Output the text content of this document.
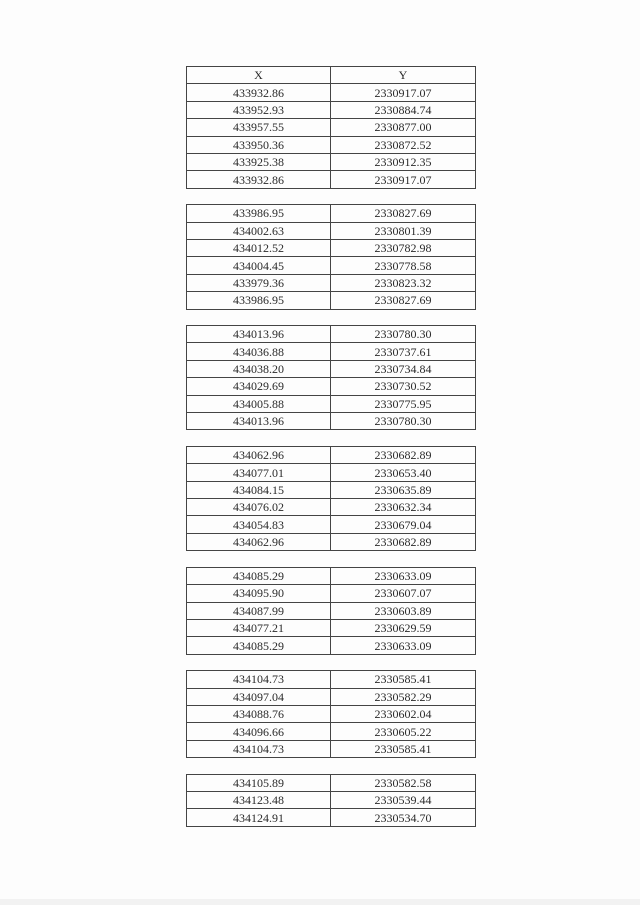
X	Y
433932.86	2330917.07
433952.93	2330884.74
433957.55	2330877.00
433950.36	2330872.52
433925.38	2330912.35
433932.86	2330917.07
433986.95	2330827.69
434002.63	2330801.39
434012.52	2330782.98
434004.45	2330778.58
433979.36	2330823.32
433986.95	2330827.69
434013.96	2330780.30
434036.88	2330737.61
434038.20	2330734.84
434029.69	2330730.52
434005.88	2330775.95
434013.96	2330780.30
434062.96	2330682.89
434077.01	2330653.40
434084.15	2330635.89
434076.02	2330632.34
434054.83	2330679.04
434062.96	2330682.89
434085.29	2330633.09
434095.90	2330607.07
434087.99	2330603.89
434077.21	2330629.59
434085.29	2330633.09
434104.73	2330585.41
434097.04	2330582.29
434088.76	2330602.04
434096.66	2330605.22
434104.73	2330585.41
434105.89	2330582.58
434123.48	2330539.44
434124.91	2330534.70
